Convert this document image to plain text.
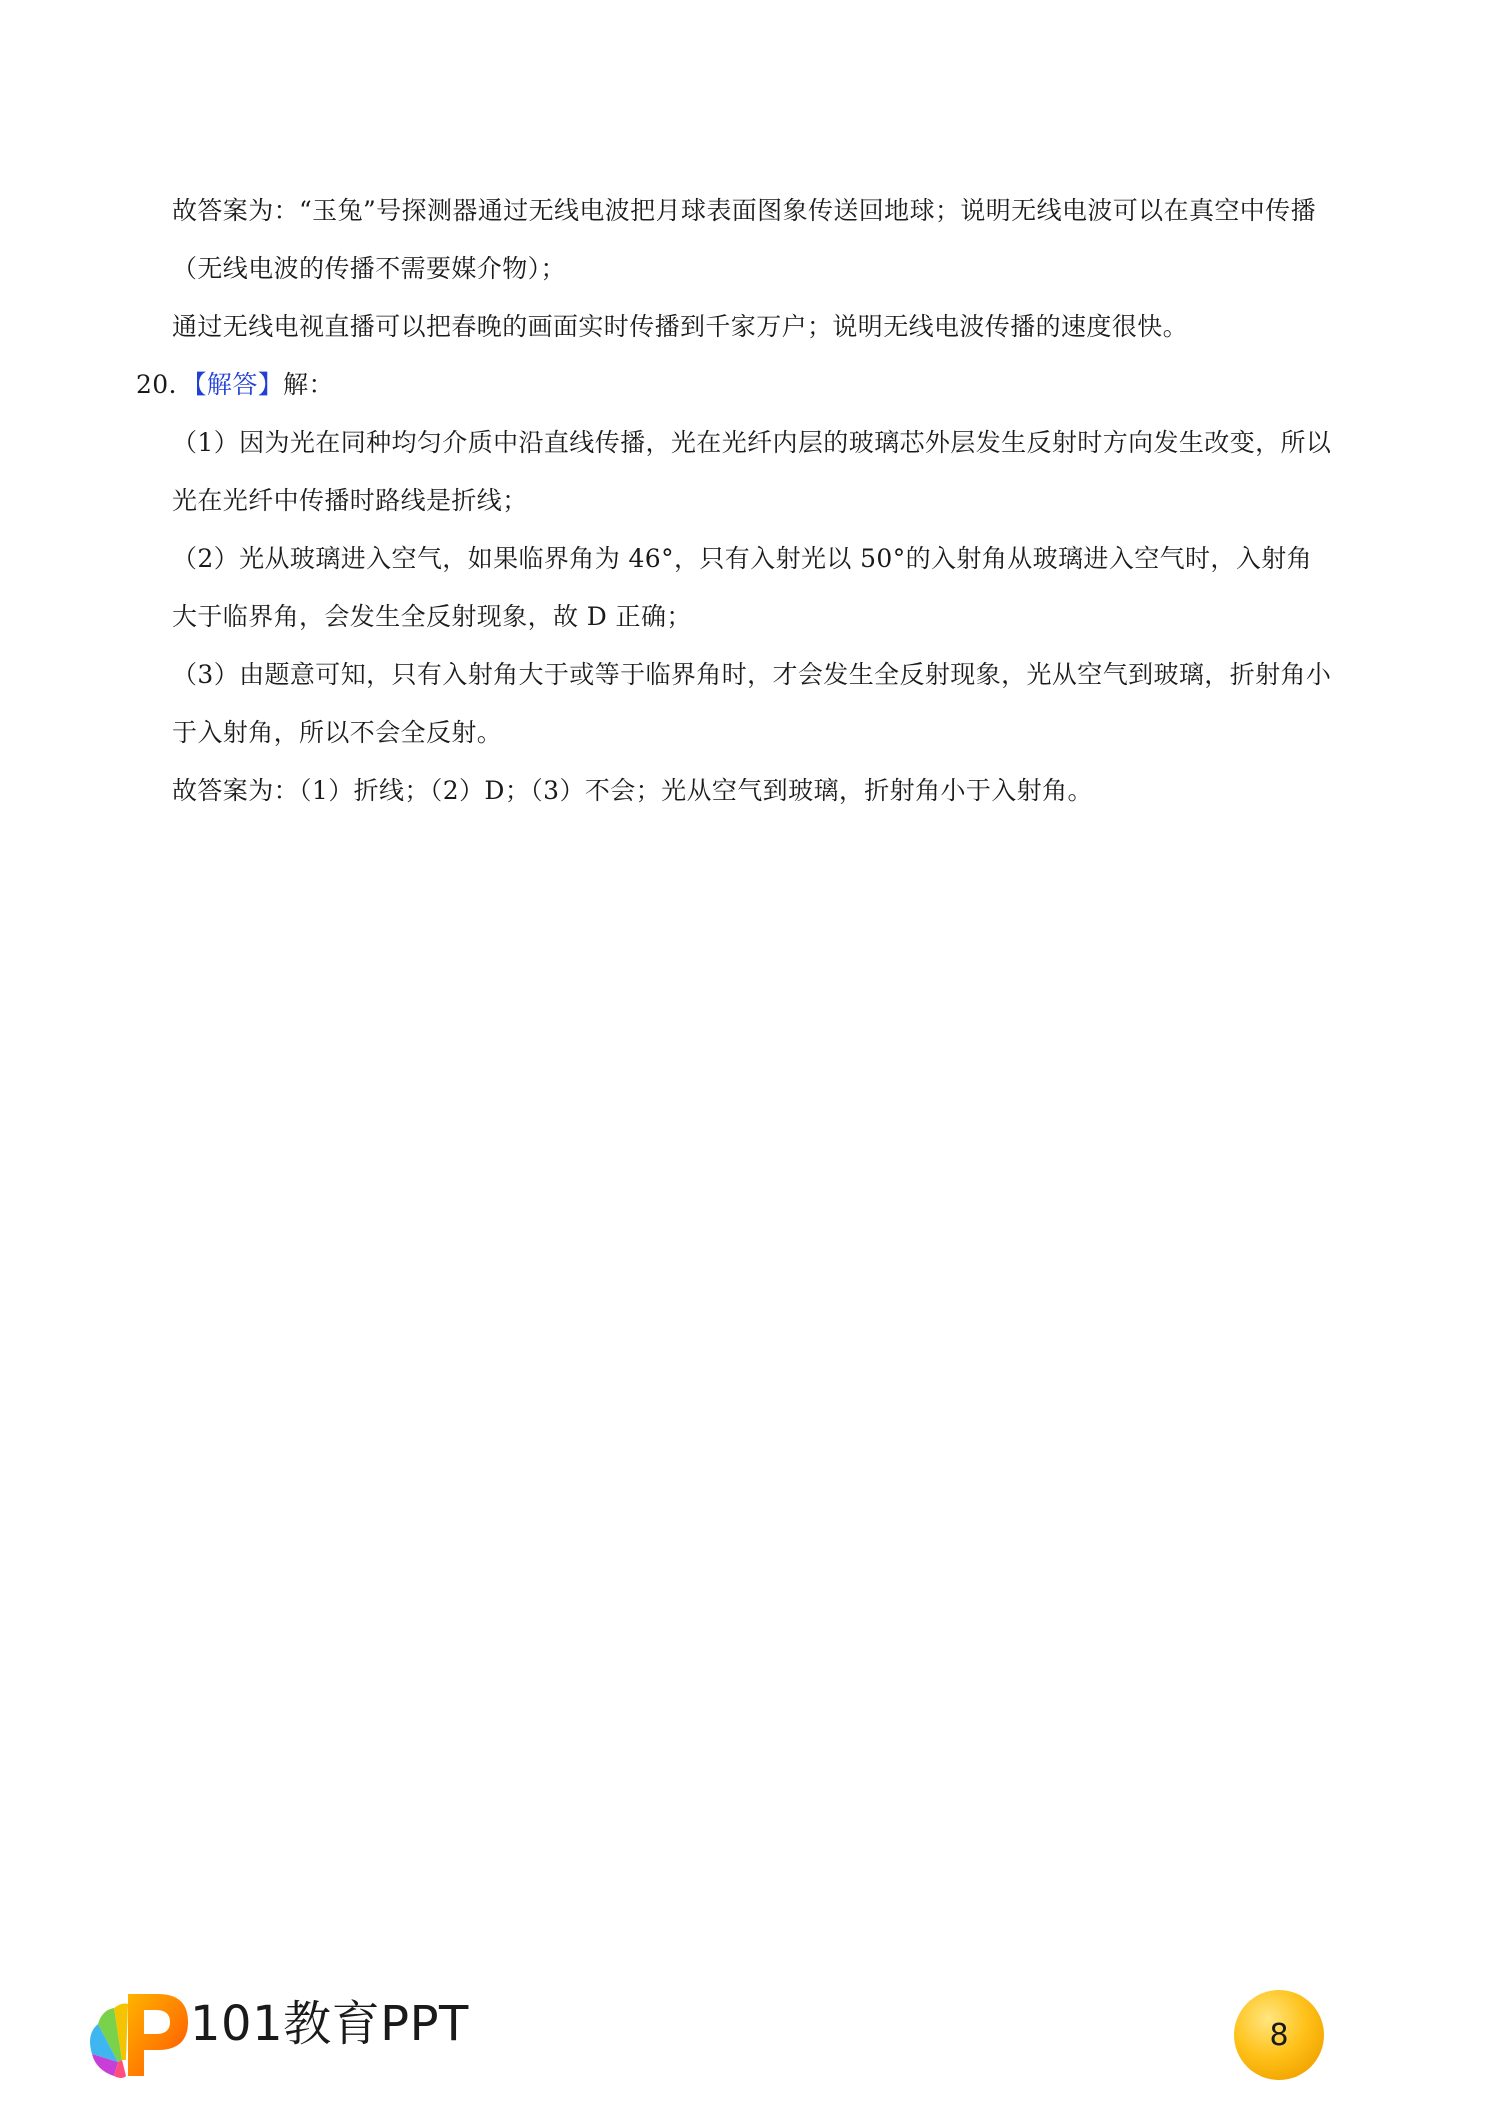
故答案为：“玉兔”号探测器通过无线电波把月球表面图象传送回地球；说明无线电波可以在真空中传播
（无线电波的传播不需要媒介物）；
通过无线电视直播可以把春晚的画面实时传播到千家万户；说明无线电波传播的速度很快。
20．【解答】解：
（1）因为光在同种均匀介质中沿直线传播，光在光纤内层的玻璃芯外层发生反射时方向发生改变，所以
光在光纤中传播时路线是折线；
（2）光从玻璃进入空气，如果临界角为 46°，只有入射光以 50°的入射角从玻璃进入空气时，入射角
大于临界角，会发生全反射现象，故 D 正确；
（3）由题意可知，只有入射角大于或等于临界角时，才会发生全反射现象，光从空气到玻璃，折射角小
于入射角，所以不会全反射。
故答案为：（1）折线；（2）D；（3）不会；光从空气到玻璃，折射角小于入射角。
101教育PPT	8
